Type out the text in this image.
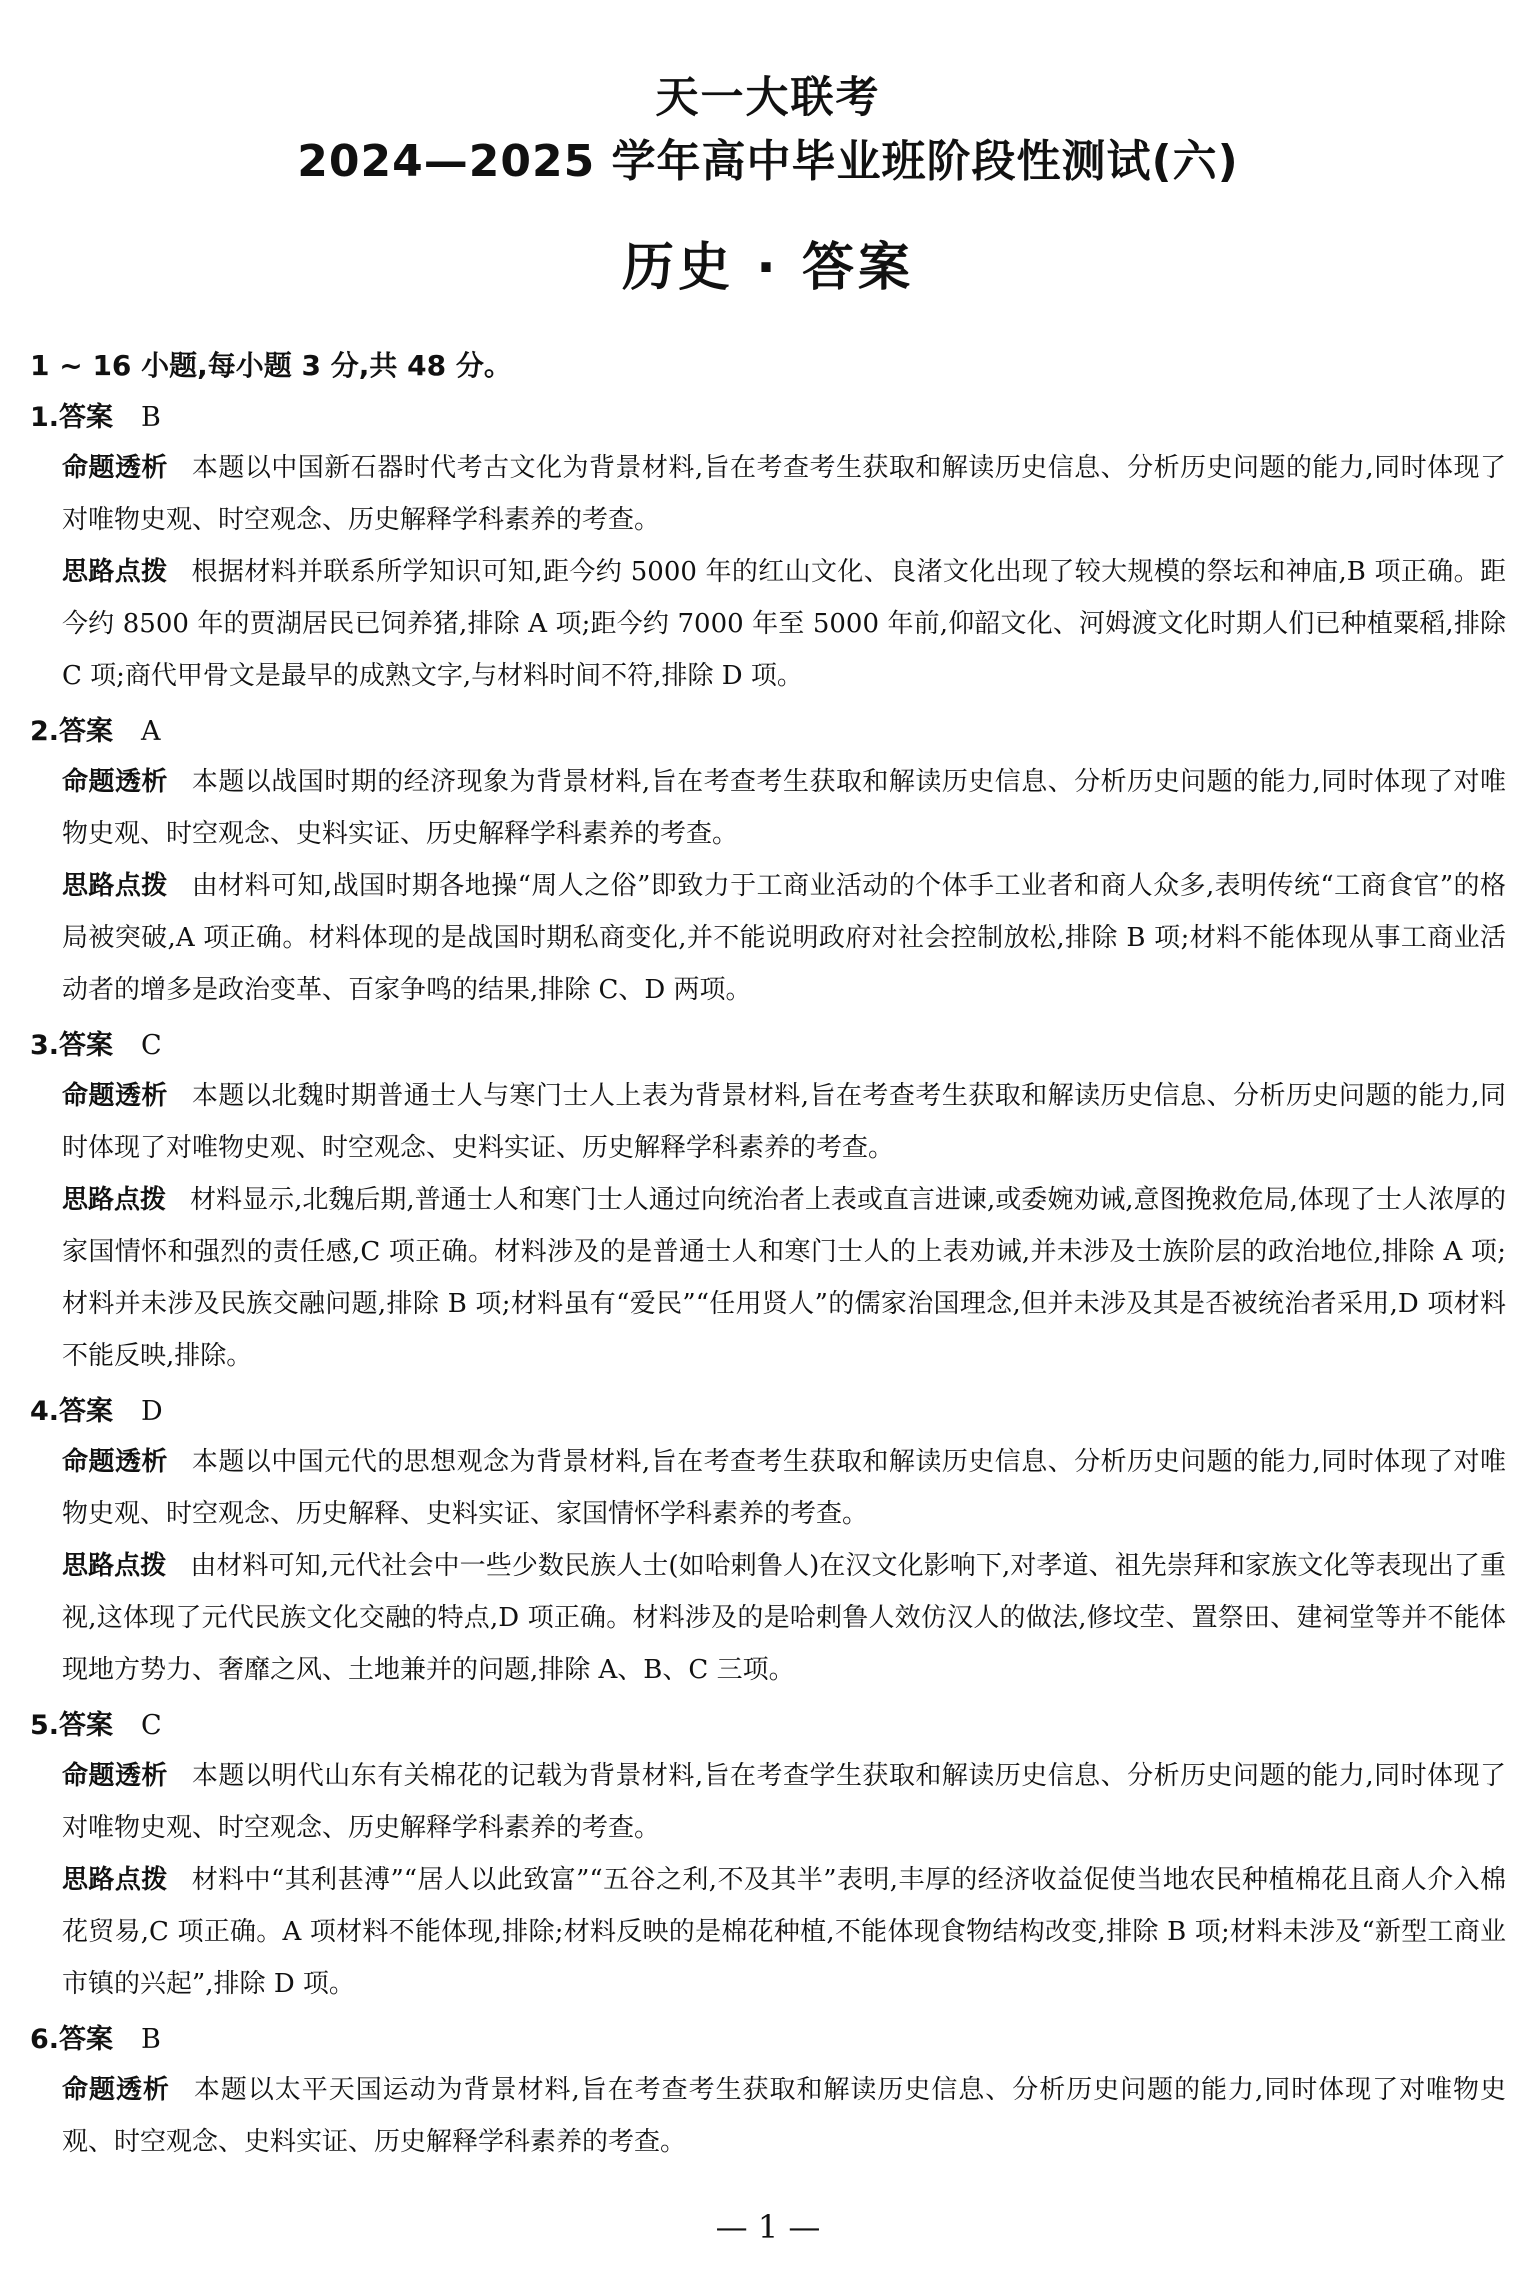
天一大联考
2024—2025 学年高中毕业班阶段性测试(六)
历史 · 答案
1 ~ 16 小题,每小题 3 分,共 48 分。
1.答案 B
命题透析 本题以中国新石器时代考古文化为背景材料,旨在考查考生获取和解读历史信息、分析历史问题的能力,同时体现了对唯物史观、时空观念、历史解释学科素养的考查。
思路点拨 根据材料并联系所学知识可知,距今约 5000 年的红山文化、良渚文化出现了较大规模的祭坛和神庙,B 项正确。距今约 8500 年的贾湖居民已饲养猪,排除 A 项;距今约 7000 年至 5000 年前,仰韶文化、河姆渡文化时期人们已种植粟稻,排除 C 项;商代甲骨文是最早的成熟文字,与材料时间不符,排除 D 项。
2.答案 A
命题透析 本题以战国时期的经济现象为背景材料,旨在考查考生获取和解读历史信息、分析历史问题的能力,同时体现了对唯物史观、时空观念、史料实证、历史解释学科素养的考查。
思路点拨 由材料可知,战国时期各地操“周人之俗”即致力于工商业活动的个体手工业者和商人众多,表明传统“工商食官”的格局被突破,A 项正确。材料体现的是战国时期私商变化,并不能说明政府对社会控制放松,排除 B 项;材料不能体现从事工商业活动者的增多是政治变革、百家争鸣的结果,排除 C、D 两项。
3.答案 C
命题透析 本题以北魏时期普通士人与寒门士人上表为背景材料,旨在考查考生获取和解读历史信息、分析历史问题的能力,同时体现了对唯物史观、时空观念、史料实证、历史解释学科素养的考查。
思路点拨 材料显示,北魏后期,普通士人和寒门士人通过向统治者上表或直言进谏,或委婉劝诫,意图挽救危局,体现了士人浓厚的家国情怀和强烈的责任感,C 项正确。材料涉及的是普通士人和寒门士人的上表劝诫,并未涉及士族阶层的政治地位,排除 A 项;材料并未涉及民族交融问题,排除 B 项;材料虽有“爱民”“任用贤人”的儒家治国理念,但并未涉及其是否被统治者采用,D 项材料不能反映,排除。
4.答案 D
命题透析 本题以中国元代的思想观念为背景材料,旨在考查考生获取和解读历史信息、分析历史问题的能力,同时体现了对唯物史观、时空观念、历史解释、史料实证、家国情怀学科素养的考查。
思路点拨 由材料可知,元代社会中一些少数民族人士(如哈剌鲁人)在汉文化影响下,对孝道、祖先崇拜和家族文化等表现出了重视,这体现了元代民族文化交融的特点,D 项正确。材料涉及的是哈剌鲁人效仿汉人的做法,修坟茔、置祭田、建祠堂等并不能体现地方势力、奢靡之风、土地兼并的问题,排除 A、B、C 三项。
5.答案 C
命题透析 本题以明代山东有关棉花的记载为背景材料,旨在考查学生获取和解读历史信息、分析历史问题的能力,同时体现了对唯物史观、时空观念、历史解释学科素养的考查。
思路点拨 材料中“其利甚溥”“居人以此致富”“五谷之利,不及其半”表明,丰厚的经济收益促使当地农民种植棉花且商人介入棉花贸易,C 项正确。A 项材料不能体现,排除;材料反映的是棉花种植,不能体现食物结构改变,排除 B 项;材料未涉及“新型工商业市镇的兴起”,排除 D 项。
6.答案 B
命题透析 本题以太平天国运动为背景材料,旨在考查考生获取和解读历史信息、分析历史问题的能力,同时体现了对唯物史观、时空观念、史料实证、历史解释学科素养的考查。
— 1 —
